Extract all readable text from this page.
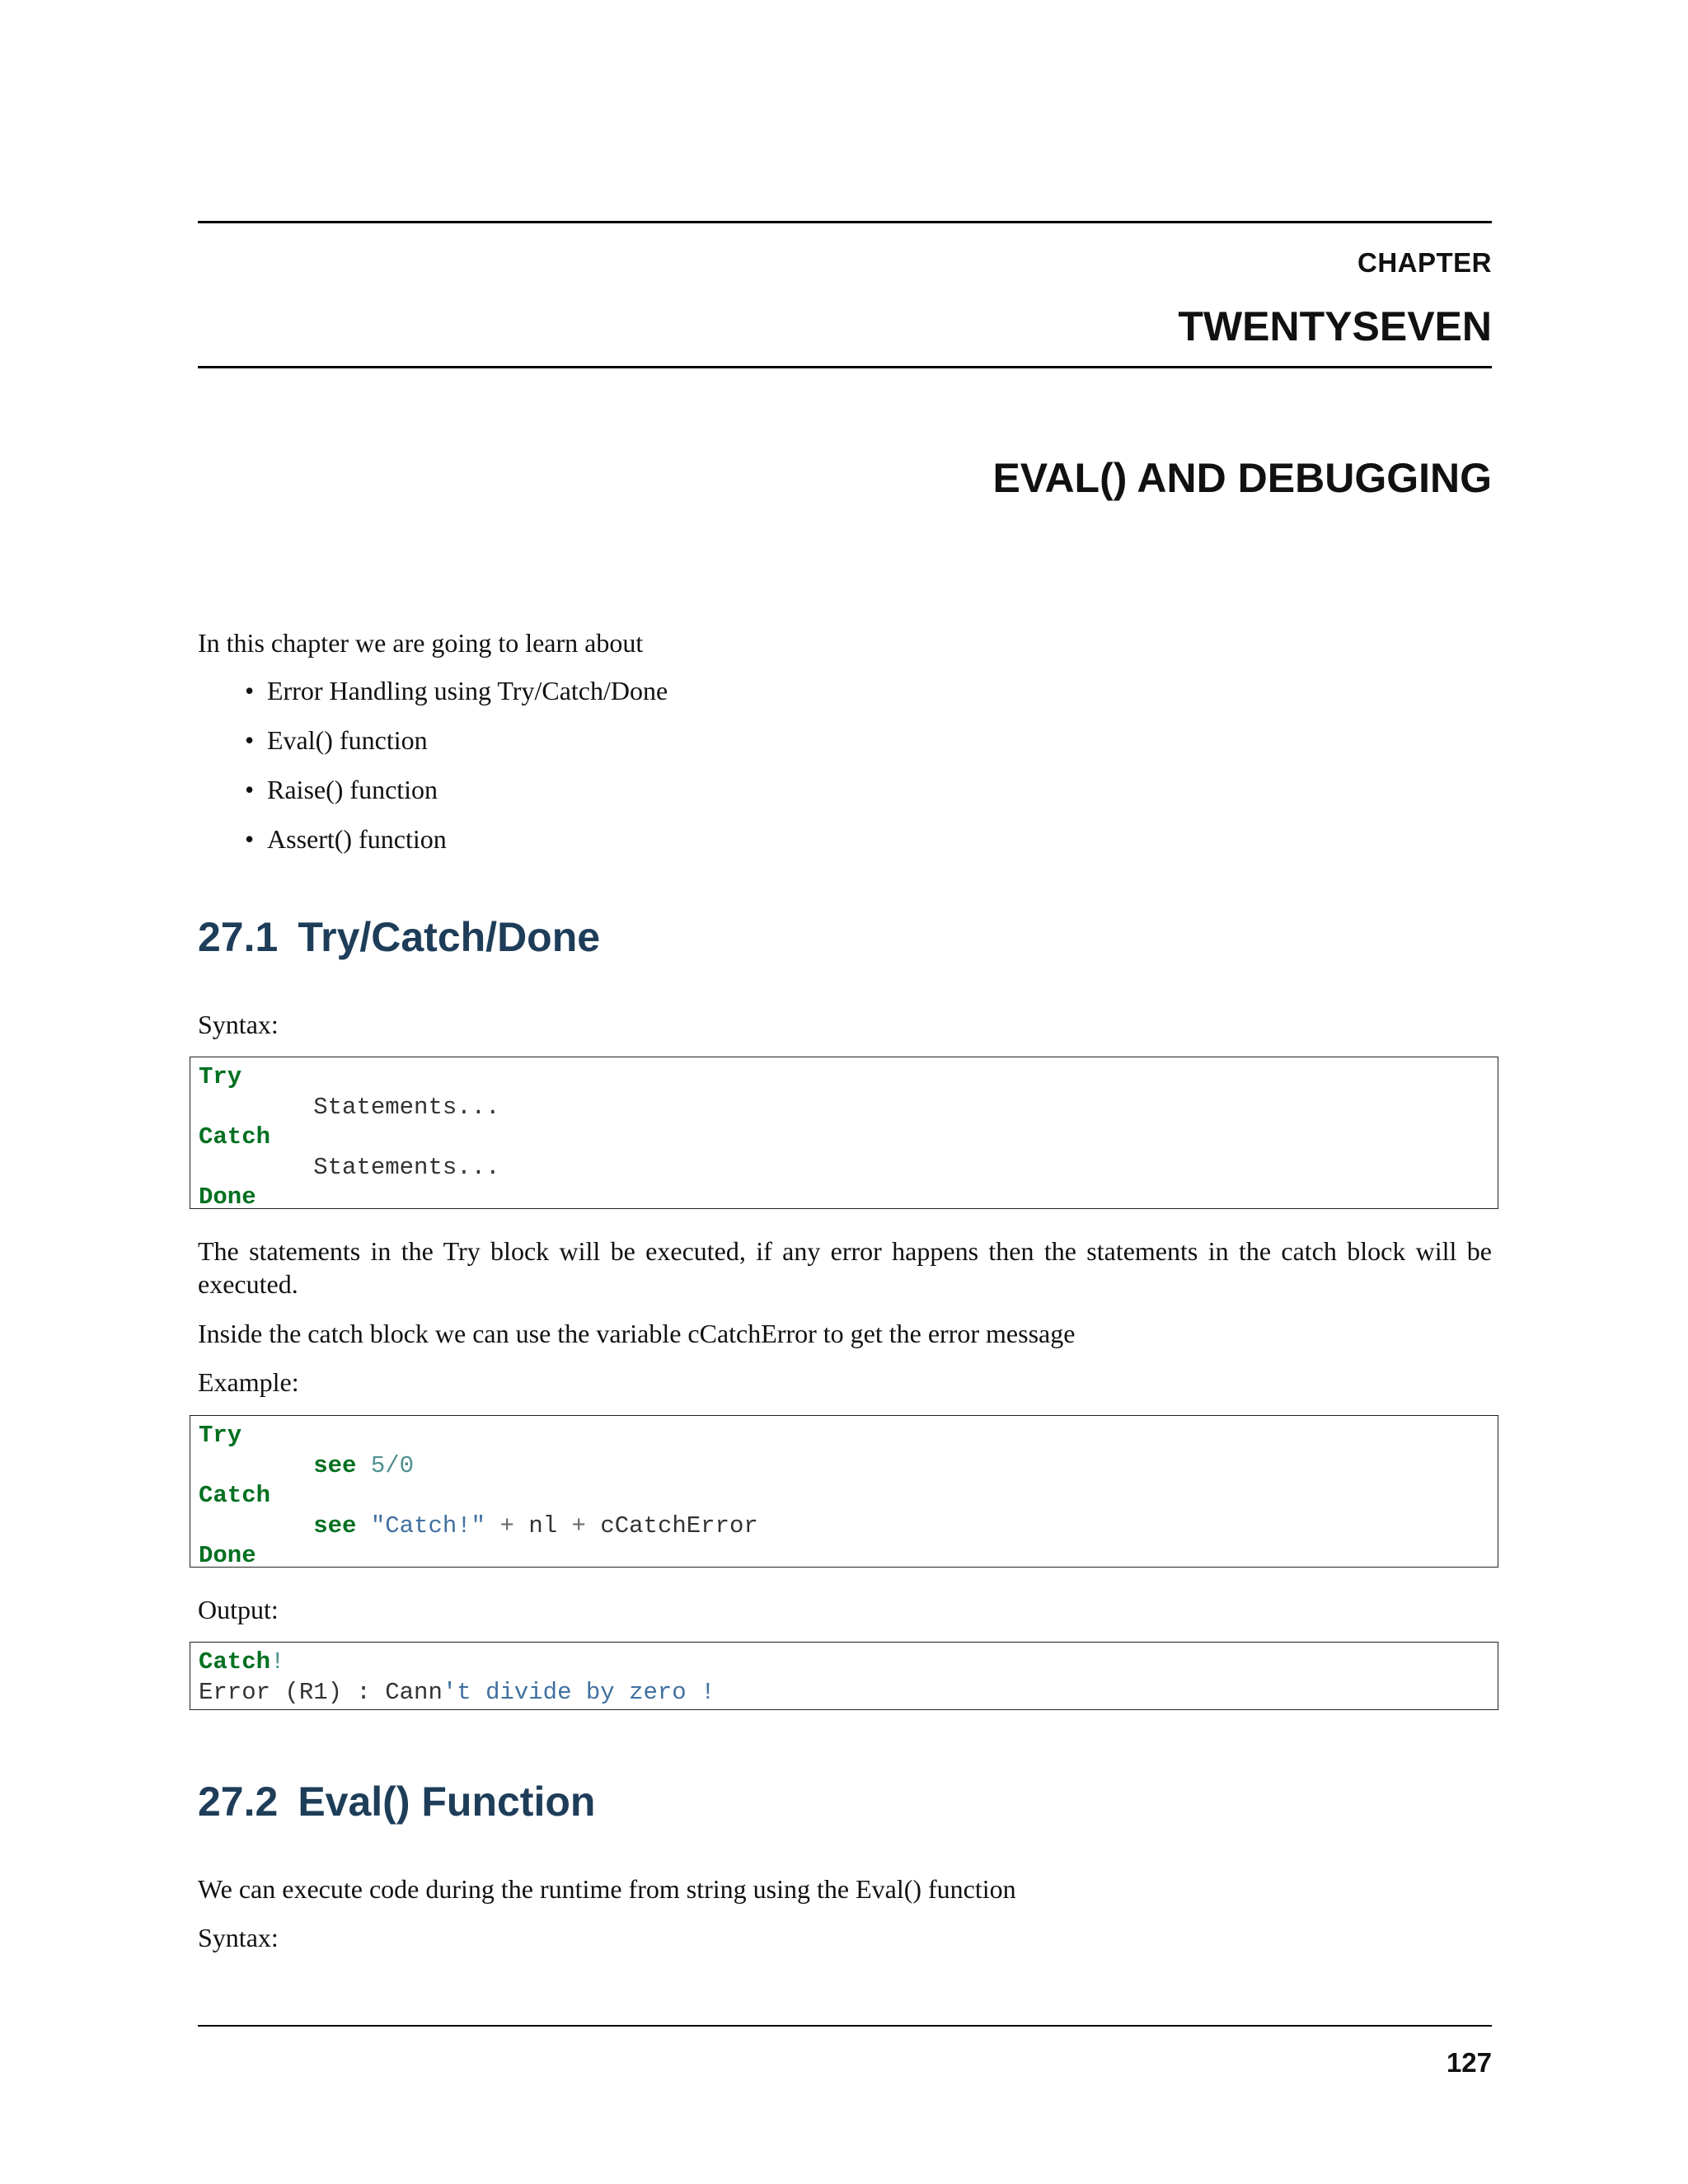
CHAPTER
TWENTYSEVEN
EVAL() AND DEBUGGING
In this chapter we are going to learn about
• Error Handling using Try/Catch/Done
• Eval() function
• Raise() function
• Assert() function
27.1 Try/Catch/Done
Syntax:
Try
Statements...
Catch
Statements...
Done
The statements in the Try block will be executed, if any error happens then the statements in the catch block will be executed.
Inside the catch block we can use the variable cCatchError to get the error message
Example:
Try
see 5/0
Catch
see "Catch!" + nl + cCatchError
Done
Output:
Catch!
Error (R1) : Cann't divide by zero !
27.2 Eval() Function
We can execute code during the runtime from string using the Eval() function
Syntax:
127
